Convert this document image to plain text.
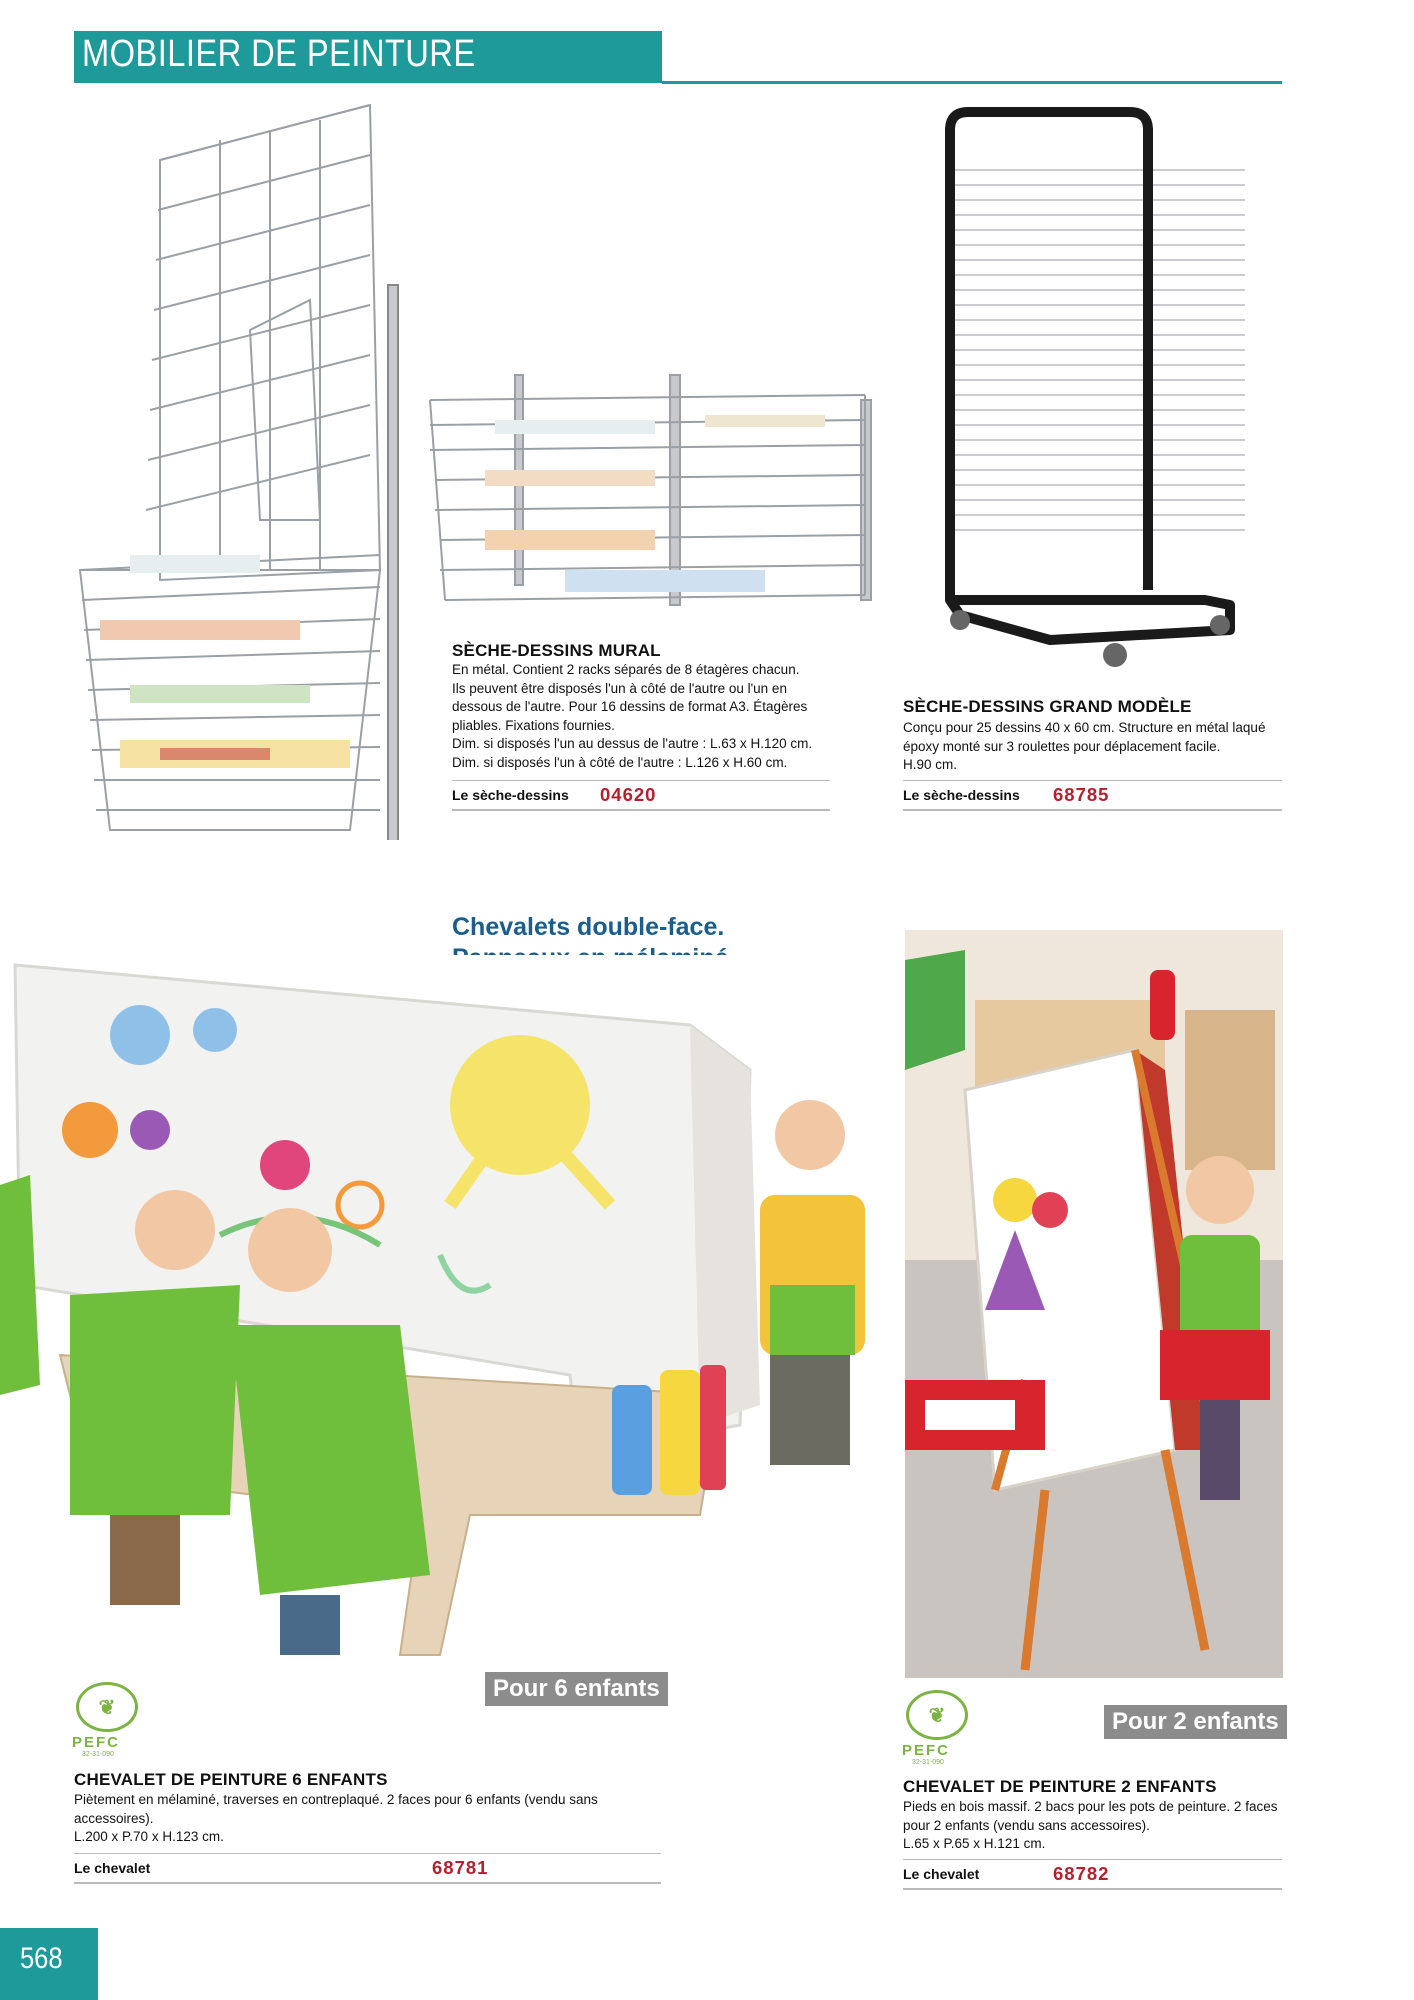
MOBILIER DE PEINTURE
SÈCHE-DESSINS MURAL
En métal. Contient 2 racks séparés de 8 étagères chacun.
Ils peuvent être disposés l'un à côté de l'autre ou l'un en
dessous de l'autre. Pour 16 dessins de format A3. Étagères
pliables. Fixations fournies.
Dim. si disposés l'un au dessus de l'autre : L.63 x H.120 cm.
Dim. si disposés l'un à côté de l'autre : L.126 x H.60 cm.
Le sèche-dessins 04620
SÈCHE-DESSINS GRAND MODÈLE
Conçu pour 25 dessins 40 x 60 cm. Structure en métal laqué
époxy monté sur 3 roulettes pour déplacement facile.
H.90 cm.
Le sèche-dessins 68785
Chevalets double-face.
Pour 6 enfants
Pour 2 enfants
❦
PEFC
32-31-090
❦
PEFC
32-31-090
CHEVALET DE PEINTURE 6 ENFANTS
Piètement en mélaminé, traverses en contreplaqué. 2 faces pour 6 enfants (vendu sans
accessoires).
L.200 x P.70 x H.123 cm.
Le chevalet	68781
CHEVALET DE PEINTURE 2 ENFANTS
Pieds en bois massif. 2 bacs pour les pots de peinture. 2 faces
pour 2 enfants (vendu sans accessoires).
L.65 x P.65 x H.121 cm.
Le chevalet	68782
568
